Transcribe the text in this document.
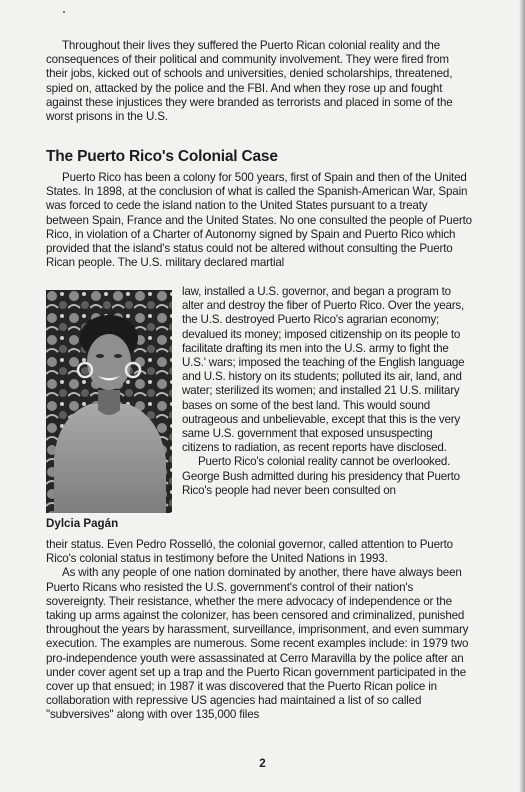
Throughout their lives they suffered the Puerto Rican colonial reality and the consequences of their political and community involvement. They were fired from their jobs, kicked out of schools and universities, denied scholarships, threatened, spied on, attacked by the police and the FBI. And when they rose up and fought against these injustices they were branded as terrorists and placed in some of the worst prisons in the U.S.

The Puerto Rico's Colonial Case

Puerto Rico has been a colony for 500 years, first of Spain and then of the United States. In 1898, at the conclusion of what is called the Spanish-American War, Spain was forced to cede the island nation to the United States pursuant to a treaty between Spain, France and the United States. No one consulted the people of Puerto Rico, in violation of a Charter of Autonomy signed by Spain and Puerto Rico which provided that the island's status could not be altered without consulting the Puerto Rican people. The U.S. military declared martial

law, installed a U.S. governor, and began a program to alter and destroy the fiber of Puerto Rico. Over the years, the U.S. destroyed Puerto Rico's agrarian economy; devalued its money; imposed citizenship on its people to facilitate drafting its men into the U.S. army to fight the U.S.' wars; imposed the teaching of the English language and U.S. history on its students; polluted its air, land, and water; sterilized its women; and installed 21 U.S. military bases on some of the best land. This would sound outrageous and unbelievable, except that this is the very same U.S. government that exposed unsuspecting citizens to radiation, as recent reports have disclosed.

Puerto Rico's colonial reality cannot be overlooked. George Bush admitted during his presidency that Puerto Rico's people had never been consulted on

Dylcia Pagán

their status. Even Pedro Rosselló, the colonial governor, called attention to Puerto Rico's colonial status in testimony before the United Nations in 1993.

As with any people of one nation dominated by another, there have always been Puerto Ricans who resisted the U.S. government's control of their nation's sovereignty. Their resistance, whether the mere advocacy of independence or the taking up arms against the colonizer, has been censored and criminalized, punished throughout the years by harassment, surveillance, imprisonment, and even summary execution. The examples are numerous. Some recent examples include: in 1979 two pro-independence youth were assassinated at Cerro Maravilla by the police after an under cover agent set up a trap and the Puerto Rican government participated in the cover up that ensued; in 1987 it was discovered that the Puerto Rican police in collaboration with repressive US agencies had maintained a list of so called "subversives" along with over 135,000 files

2
